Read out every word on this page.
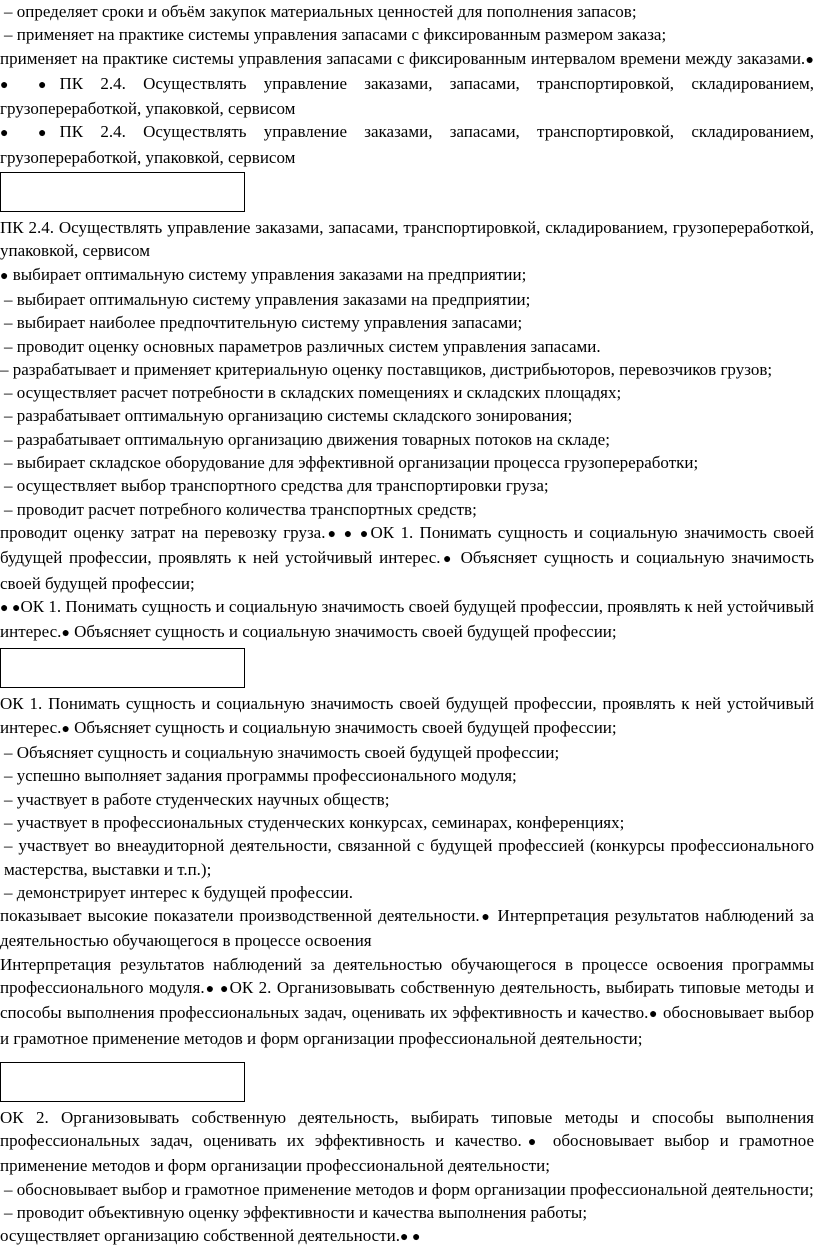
– определяет сроки и объём закупок материальных ценностей для пополнения запасов;

– применяет на практике системы управления запасами с фиксированным размером заказа;

применяет на практике системы управления запасами с фиксированным интервалом времени между заказами.● ● ●ПК 2.4. Осуществлять управление заказами, запасами, транспортировкой, складированием, грузопереработкой, упаковкой, сервисом

● ●ПК 2.4. Осуществлять управление заказами, запасами, транспортировкой, складированием, грузопереработкой, упаковкой, сервисом

ПК 2.4. Осуществлять управление заказами, запасами, транспортировкой, складированием, грузопереработкой, упаковкой, сервисом

● выбирает оптимальную систему управления заказами на предприятии;

– выбирает оптимальную систему управления заказами на предприятии;

– выбирает наиболее предпочтительную систему управления запасами;

– проводит оценку основных параметров различных систем управления запасами.

– разрабатывает и применяет критериальную оценку поставщиков, дистрибьюторов, перевозчиков грузов;

– осуществляет расчет потребности в складских помещениях и складских площадях;

– разрабатывает оптимальную организацию системы складского зонирования;

– разрабатывает оптимальную организацию движения товарных потоков на складе;

– выбирает складское оборудование для эффективной организации процесса грузопереработки;

– осуществляет выбор транспортного средства для транспортировки груза;

– проводит расчет потребного количества транспортных средств;

проводит оценку затрат на перевозку груза.● ● ●ОК 1. Понимать сущность и социальную значимость своей будущей профессии, проявлять к ней устойчивый интерес.● Объясняет сущность и социальную значимость своей будущей профессии;

● ●ОК 1. Понимать сущность и социальную значимость своей будущей профессии, проявлять к ней устойчивый интерес.● Объясняет сущность и социальную значимость своей будущей профессии;

ОК 1. Понимать сущность и социальную значимость своей будущей профессии, проявлять к ней устойчивый интерес.● Объясняет сущность и социальную значимость своей будущей профессии;

– Объясняет сущность и социальную значимость своей будущей профессии;

– успешно выполняет задания программы профессионального модуля;

– участвует в работе студенческих научных обществ;

– участвует в профессиональных студенческих конкурсах, семинарах, конференциях;

– участвует во внеаудиторной деятельности, связанной с будущей профессией (конкурсы профессионального мастерства, выставки и т.п.);

– демонстрирует интерес к будущей профессии.

показывает высокие показатели производственной деятельности.● Интерпретация результатов наблюдений за деятельностью обучающегося в процессе освоения

Интерпретация результатов наблюдений за деятельностью обучающегося в процессе освоения программы профессионального модуля.● ●ОК 2. Организовывать собственную деятельность, выбирать типовые методы и способы выполнения профессиональных задач, оценивать их эффективность и качество.● обосновывает выбор и грамотное применение методов и форм организации профессиональной деятельности;

ОК 2. Организовывать собственную деятельность, выбирать типовые методы и способы выполнения профессиональных задач, оценивать их эффективность и качество.● обосновывает выбор и грамотное применение методов и форм организации профессиональной деятельности;

– обосновывает выбор и грамотное применение методов и форм организации профессиональной деятельности;

– проводит объективную оценку эффективности и качества выполнения работы;

осуществляет организацию собственной деятельности.● ●
